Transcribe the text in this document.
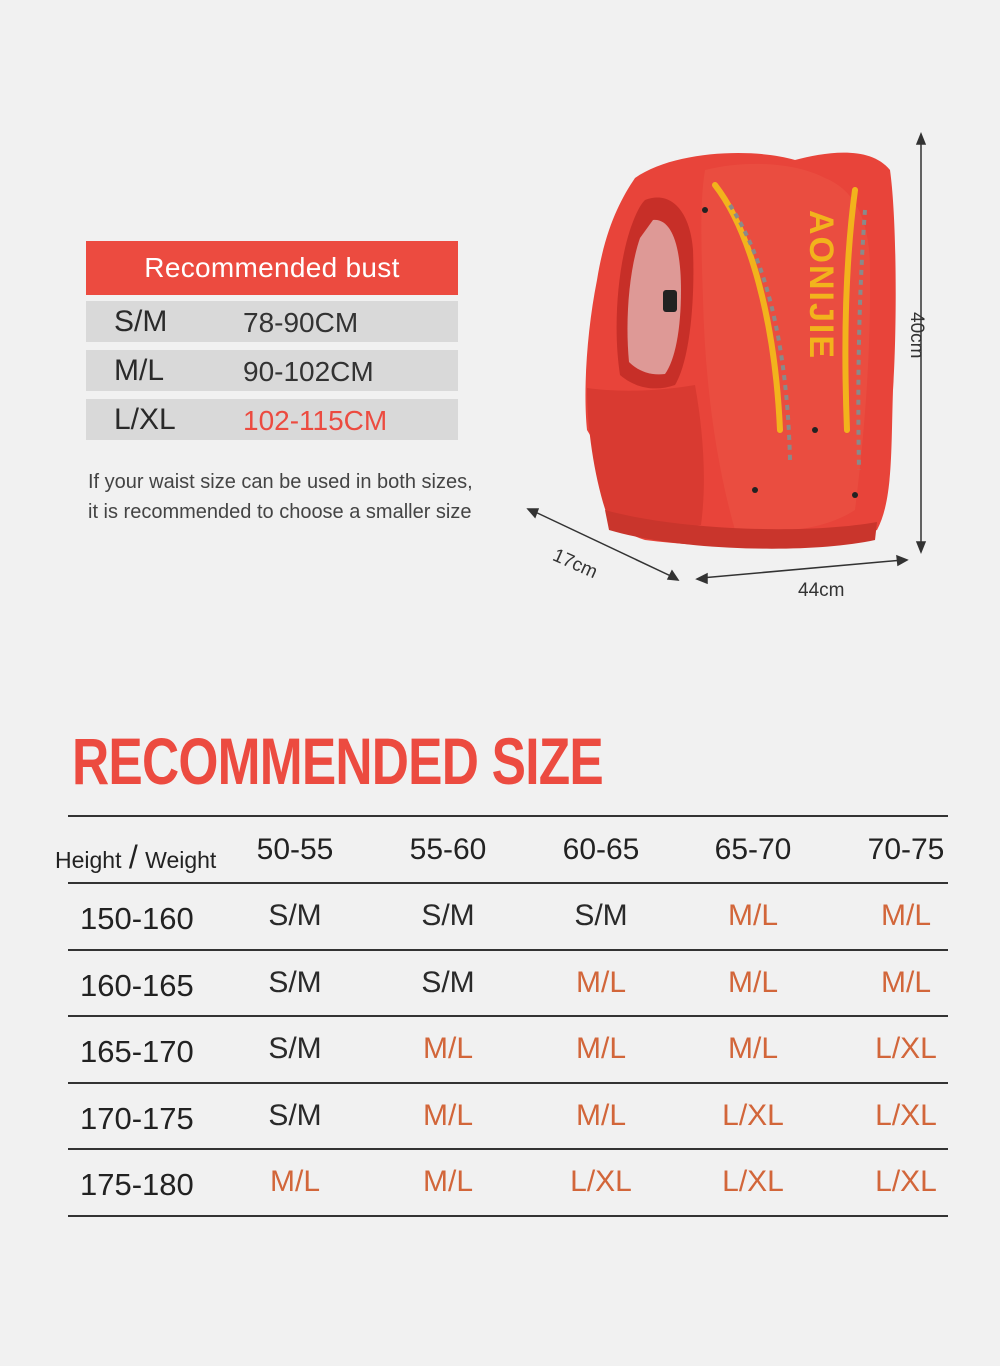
Recommended bust
S/M	78-90CM
M/L	90-102CM
L/XL 102-115CM
If your waist size can be used in both sizes, it is recommended to choose a smaller size
AONIJIE	40cm
44cm
17cm
RECOMMENDED SIZE
Height / Weight 50-55	55-60	60-65	65-70	70-75
150-160 S/M	S/M	S/M	M/L	M/L
160-165 S/M	S/M	M/L	M/L	M/L
165-170 S/M	M/L	M/L	M/L	L/XL
170-175 S/M	M/L	M/L	L/XL	L/XL
175-180	M/L	M/L	L/XL	L/XL	L/XL
